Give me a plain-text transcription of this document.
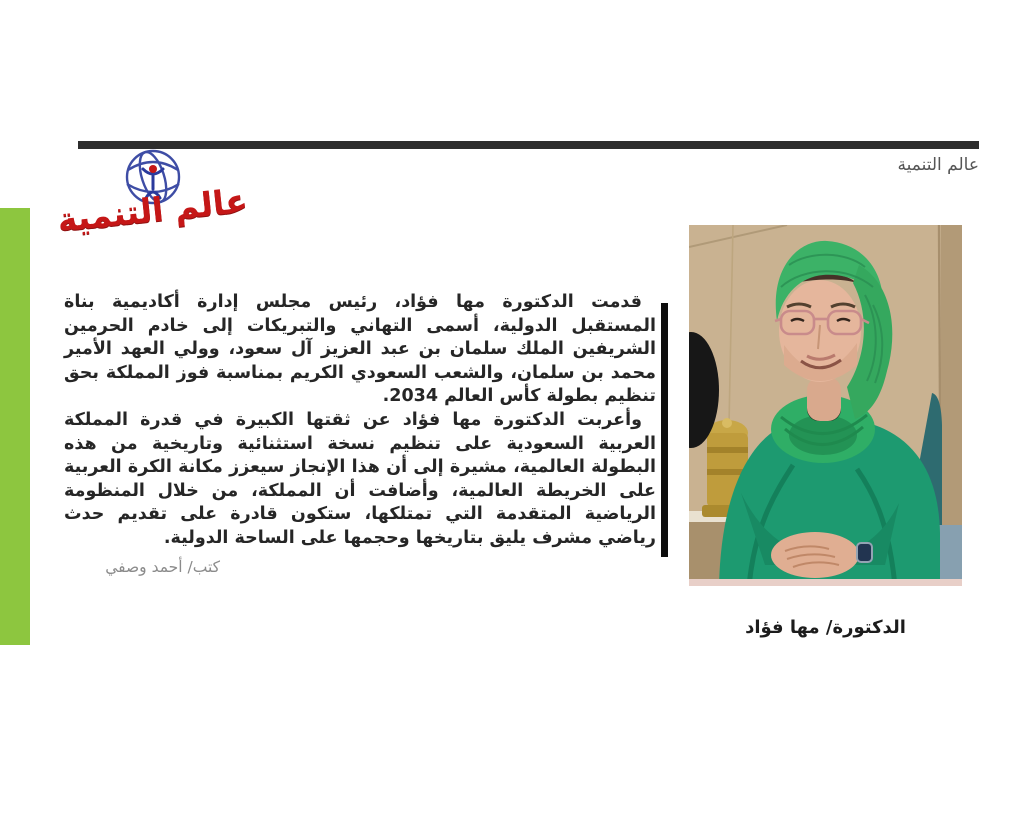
عالم التنمية
عالم التنمية

قدمت الدكتورة مها فؤاد، رئيس مجلس إدارة أكاديمية بناة المستقبل الدولية، أسمى التهاني والتبريكات إلى خادم الحرمين الشريفين الملك سلمان بن عبد العزيز آل سعود، وولي العهد الأمير محمد بن سلمان، والشعب السعودي الكريم بمناسبة فوز المملكة بحق تنظيم بطولة كأس العالم 2034.

وأعربت الدكتورة مها فؤاد عن ثقتها الكبيرة في قدرة المملكة العربية السعودية على تنظيم نسخة استثنائية وتاريخية من هذه البطولة العالمية، مشيرة إلى أن هذا الإنجاز سيعزز مكانة الكرة العربية على الخريطة العالمية، وأضافت أن المملكة، من خلال المنظومة الرياضية المتقدمة التي تمتلكها، ستكون قادرة على تقديم حدث رياضي مشرف يليق بتاريخها وحجمها على الساحة الدولية.

كتب/ أحمد وصفي
الدكتورة/ مها فؤاد
